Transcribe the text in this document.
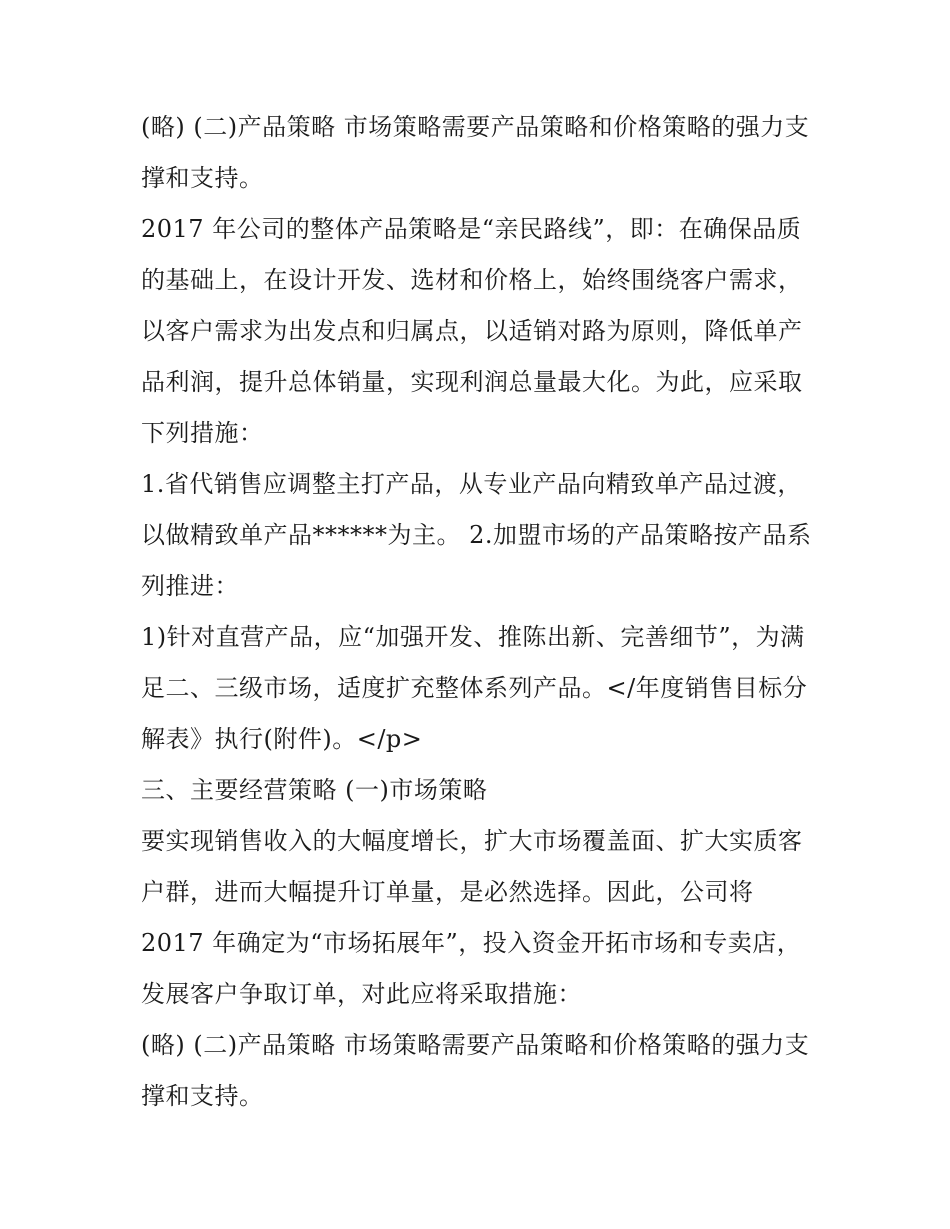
(略) (二)产品策略 市场策略需要产品策略和价格策略的强力支撑和支持。

2017 年公司的整体产品策略是“亲民路线”，即：在确保品质的基础上，在设计开发、选材和价格上，始终围绕客户需求，以客户需求为出发点和归属点，以适销对路为原则，降低单产品利润，提升总体销量，实现利润总量最大化。为此，应采取下列措施：

1.省代销售应调整主打产品，从专业产品向精致单产品过渡，以做精致单产品******为主。 2.加盟市场的产品策略按产品系列推进：

1)针对直营产品，应“加强开发、推陈出新、完善细节”，为满足二、三级市场，适度扩充整体系列产品。</年度销售目标分解表》执行(附件)。</p>

三、主要经营策略 (一)市场策略

要实现销售收入的大幅度增长，扩大市场覆盖面、扩大实质客户群，进而大幅提升订单量，是必然选择。因此，公司将

2017 年确定为“市场拓展年”，投入资金开拓市场和专卖店，发展客户争取订单，对此应将采取措施：

(略) (二)产品策略 市场策略需要产品策略和价格策略的强力支撑和支持。
